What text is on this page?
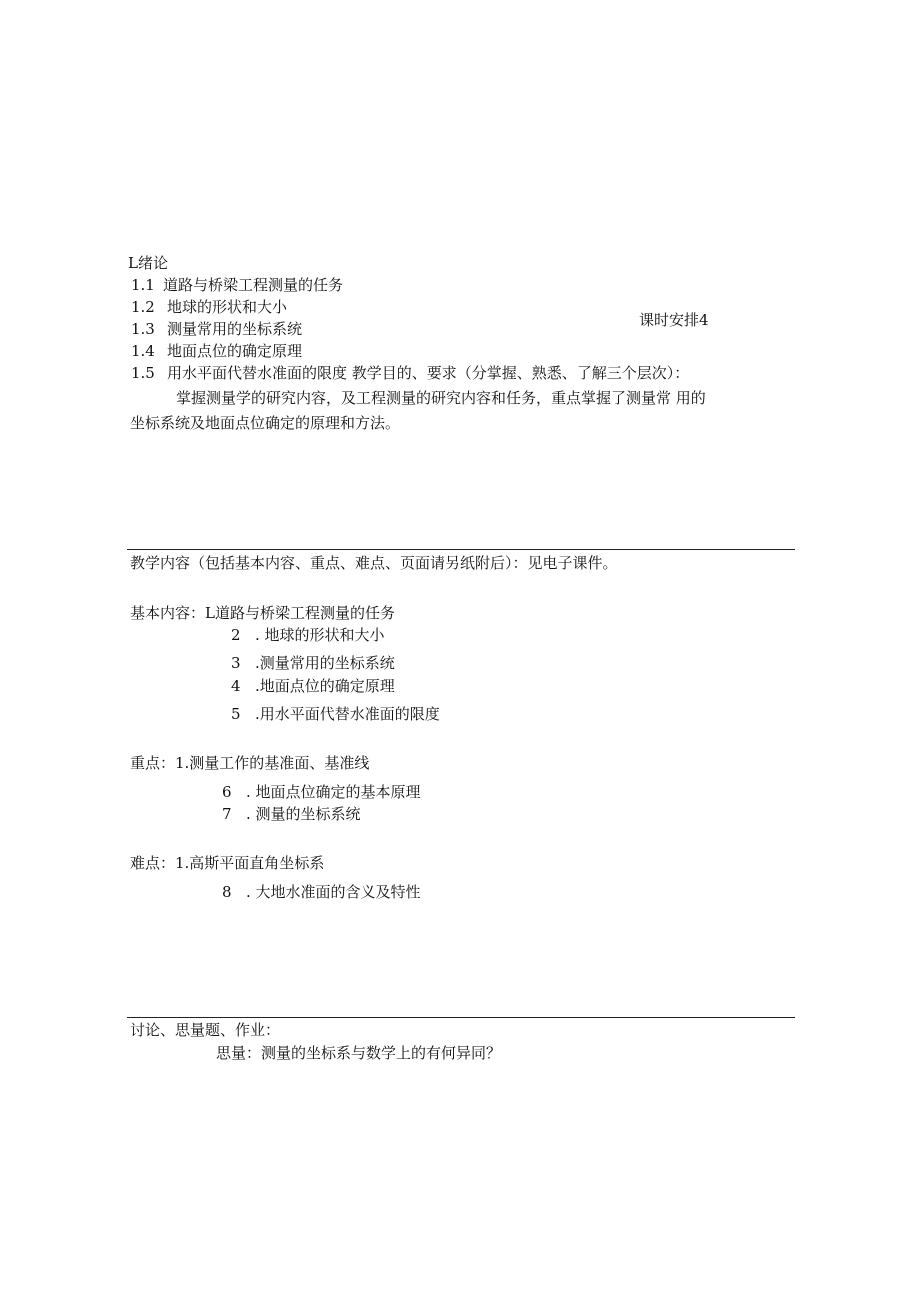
L绪论
1.1 道路与桥梁工程测量的任务
1.2 地球的形状和大小
1.3 测量常用的坐标系统
1.4 地面点位的确定原理
1.5 用水平面代替水准面的限度 教学目的、要求（分掌握、熟悉、了解三个层次）：
课时安排4
掌握测量学的研究内容，及工程测量的研究内容和任务，重点掌握了测量常 用的
坐标系统及地面点位确定的原理和方法。
教学内容（包括基本内容、重点、难点、页面请另纸附后）：见电子课件。
基本内容：L道路与桥梁工程测量的任务
2 . 地球的形状和大小
3 .测量常用的坐标系统
4 .地面点位的确定原理
5 .用水平面代替水准面的限度
重点：1.测量工作的基准面、基准线
6 . 地面点位确定的基本原理
7 . 测量的坐标系统
难点：1.高斯平面直角坐标系
8 . 大地水准面的含义及特性
讨论、思量题、作业：
思量：测量的坐标系与数学上的有何异同？
